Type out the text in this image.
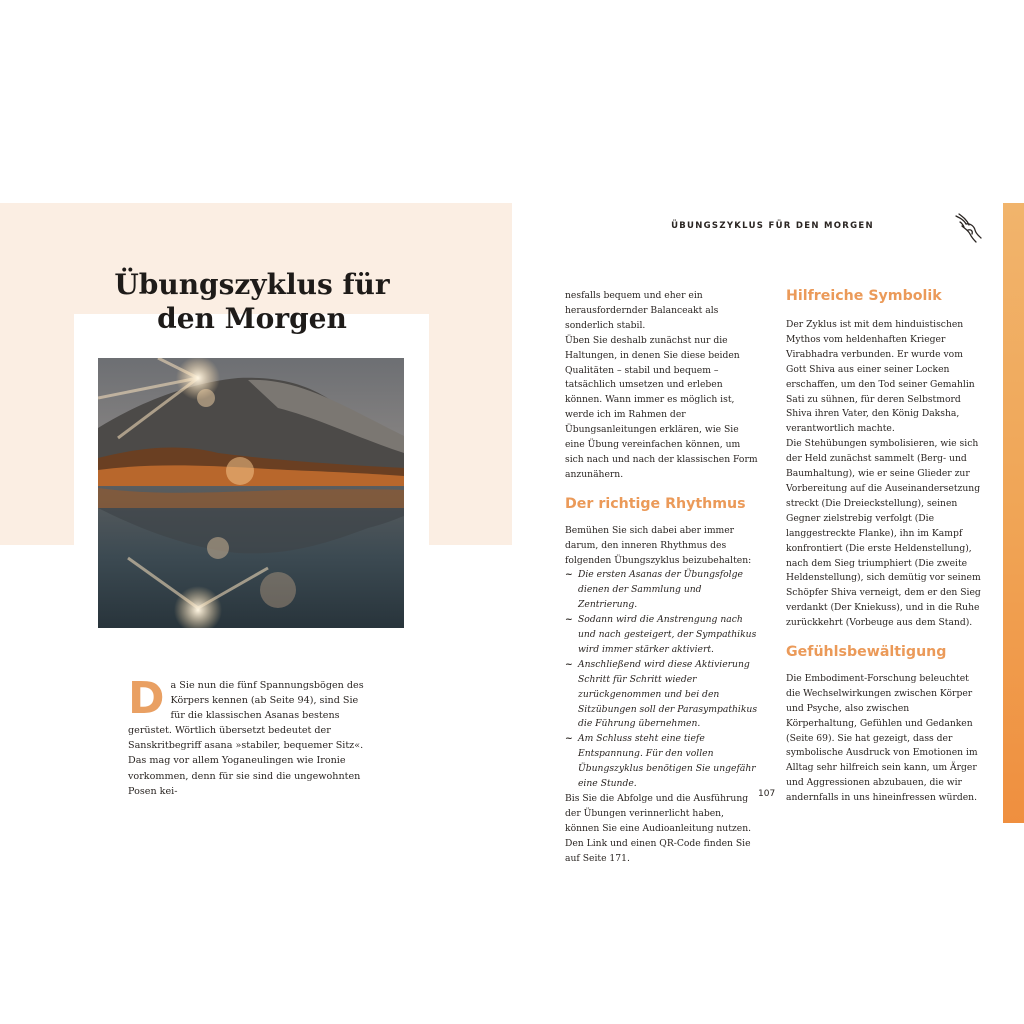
Übungszyklus für
den Morgen
Da Sie nun die fünf Spannungsbögen des Körpers kennen (ab Seite 94), sind Sie für die klassischen Asanas bestens gerüstet. Wörtlich übersetzt bedeutet der Sanskritbegriff asana »stabiler, bequemer Sitz«. Das mag vor allem Yoganeulingen wie Ironie vorkommen, denn für sie sind die ungewohnten Posen kei-
ÜBUNGSZYKLUS FÜR DEN MORGEN

nesfalls bequem und eher ein herausfordernder Balanceakt als sonderlich stabil.

Üben Sie deshalb zunächst nur die Haltungen, in denen Sie diese beiden Qualitäten – stabil und bequem – tatsächlich umsetzen und erleben können. Wann immer es möglich ist, werde ich im Rahmen der Übungsanleitungen erklären, wie Sie eine Übung vereinfachen können, um sich nach und nach der klassischen Form anzunähern.

Der richtige Rhythmus

Bemühen Sie sich dabei aber immer darum, den inneren Rhythmus des folgenden Übungszyklus beizubehalten:

~ Die ersten Asanas der Übungsfolge dienen der Sammlung und Zentrierung.
~ Sodann wird die Anstrengung nach und nach gesteigert, der Sympathikus wird immer stärker aktiviert.
~ Anschließend wird diese Aktivierung Schritt für Schritt wieder zurückgenommen und bei den Sitzübungen soll der Parasympathikus die Führung übernehmen.
~ Am Schluss steht eine tiefe Entspannung. Für den vollen Übungszyklus benötigen Sie ungefähr eine Stunde.

Bis Sie die Abfolge und die Ausführung der Übungen verinnerlicht haben, können Sie eine Audioanleitung nutzen. Den Link und einen QR-Code finden Sie auf Seite 171.

Hilfreiche Symbolik

Der Zyklus ist mit dem hinduistischen Mythos vom heldenhaften Krieger Virabhadra verbunden. Er wurde vom Gott Shiva aus einer seiner Locken erschaffen, um den Tod seiner Gemahlin Sati zu sühnen, für deren Selbstmord Shiva ihren Vater, den König Daksha, verantwortlich machte.

Die Stehübungen symbolisieren, wie sich der Held zunächst sammelt (Berg- und Baumhaltung), wie er seine Glieder zur Vorbereitung auf die Auseinandersetzung streckt (Die Dreieckstellung), seinen Gegner zielstrebig verfolgt (Die langgestreckte Flanke), ihn im Kampf konfrontiert (Die erste Heldenstellung), nach dem Sieg triumphiert (Die zweite Heldenstellung), sich demütig vor seinem Schöpfer Shiva verneigt, dem er den Sieg verdankt (Der Kniekuss), und in die Ruhe zurückkehrt (Vorbeuge aus dem Stand).

Gefühlsbewältigung

Die Embodiment-Forschung beleuchtet die Wechselwirkungen zwischen Körper und Psyche, also zwischen Körperhaltung, Gefühlen und Gedanken (Seite 69). Sie hat gezeigt, dass der symbolische Ausdruck von Emotionen im Alltag sehr hilfreich sein kann, um Ärger und Aggressionen abzubauen, die wir andernfalls in uns hineinfressen würden.

107
